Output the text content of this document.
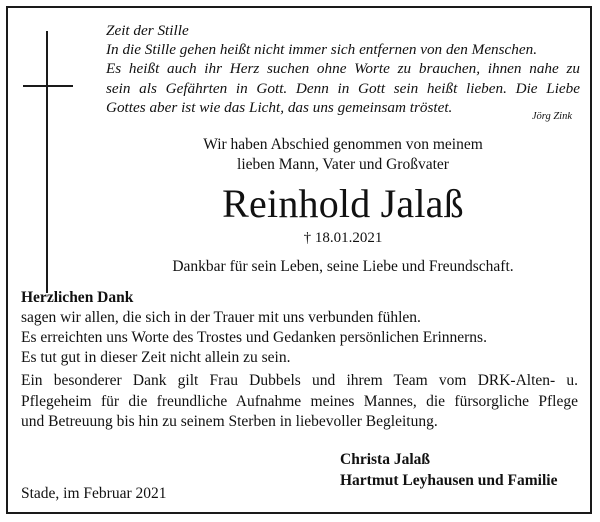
Zeit der Stille
In die Stille gehen heißt nicht immer sich entfernen von den Menschen.
Es heißt auch ihr Herz suchen ohne Worte zu brauchen, ihnen nahe zu
sein als Gefährten in Gott. Denn in Gott sein heißt lieben. Die Liebe
Gottes aber ist wie das Licht, das uns gemeinsam tröstet.
Jörg Zink
Wir haben Abschied genommen von meinem
lieben Mann, Vater und Großvater
Reinhold Jalaß
† 18.01.2021
Dankbar für sein Leben, seine Liebe und Freundschaft.
Herzlichen Dank
sagen wir allen, die sich in der Trauer mit uns verbunden fühlen.
Es erreichten uns Worte des Trostes und Gedanken persönlichen Erinnerns.
Es tut gut in dieser Zeit nicht allein zu sein.
Ein besonderer Dank gilt Frau Dubbels und ihrem Team vom DRK-Alten- u.
Pflegeheim für die freundliche Aufnahme meines Mannes, die fürsorgliche Pflege
und Betreuung bis hin zu seinem Sterben in liebevoller Begleitung.
Christa Jalaß
Hartmut Leyhausen und Familie
Stade, im Februar 2021
